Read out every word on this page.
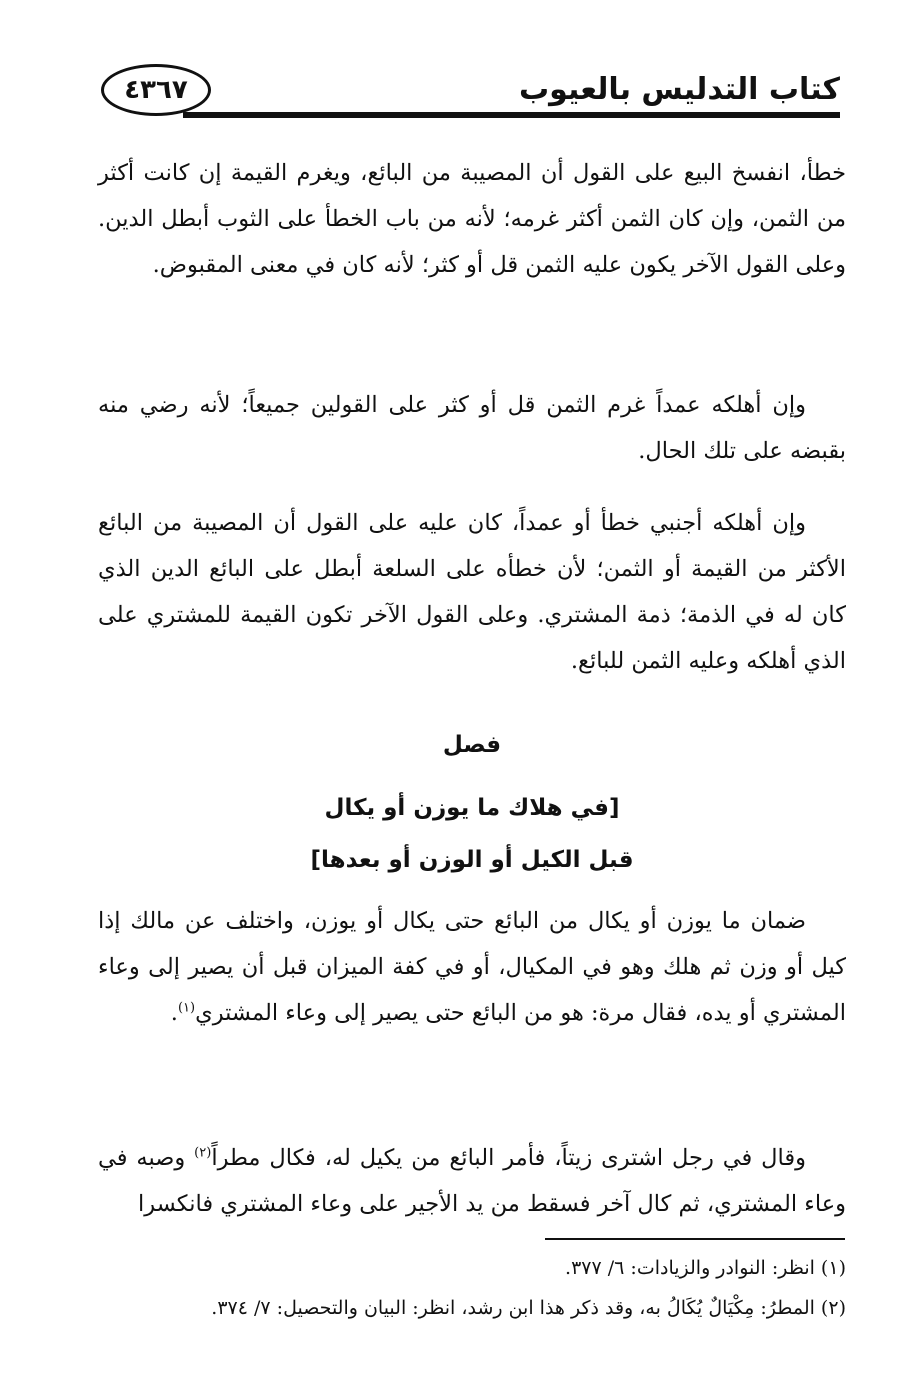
كتاب التدليس بالعيوب
٤٣٦٧

خطأ، انفسخ البيع على القول أن المصيبة من البائع، ويغرم القيمة إن كانت أكثر من الثمن، وإن كان الثمن أكثر غرمه؛ لأنه من باب الخطأ على الثوب أبطل الدين. وعلى القول الآخر يكون عليه الثمن قل أو كثر؛ لأنه كان في معنى المقبوض.

وإن أهلكه عمداً غرم الثمن قل أو كثر على القولين جميعاً؛ لأنه رضي منه بقبضه على تلك الحال.

وإن أهلكه أجنبي خطأ أو عمداً، كان عليه على القول أن المصيبة من البائع الأكثر من القيمة أو الثمن؛ لأن خطأه على السلعة أبطل على البائع الدين الذي كان له في الذمة؛ ذمة المشتري. وعلى القول الآخر تكون القيمة للمشتري على الذي أهلكه وعليه الثمن للبائع.

فصل
[في هلاك ما يوزن أو يكال
قبل الكيل أو الوزن أو بعدها]

ضمان ما يوزن أو يكال من البائع حتى يكال أو يوزن، واختلف عن مالك إذا كيل أو وزن ثم هلك وهو في المكيال، أو في كفة الميزان قبل أن يصير إلى وعاء المشتري أو يده، فقال مرة: هو من البائع حتى يصير إلى وعاء المشتري$^{(١)}$.

وقال في رجل اشترى زيتاً، فأمر البائع من يكيل له، فكال مطراً$^{(٢)}$ وصبه في وعاء المشتري، ثم كال آخر فسقط من يد الأجير على وعاء المشتري فانكسرا

(١) انظر: النوادر والزيادات: ٦/ ٣٧٧.
(٢) المطرُ: مِكْيَالٌ يُكَالُ به، وقد ذكر هذا ابن رشد، انظر: البيان والتحصيل: ٧/ ٣٧٤.
